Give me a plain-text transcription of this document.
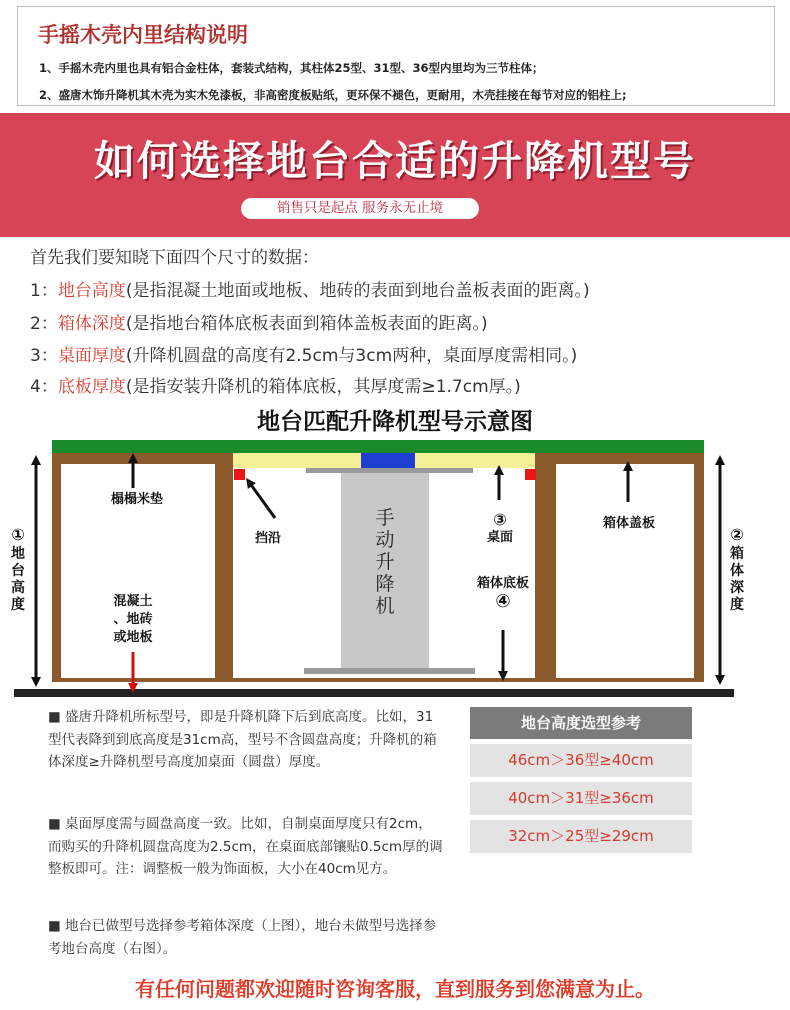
手摇木壳内里结构说明
1、手摇木壳内里也具有铝合金柱体，套装式结构，其柱体25型、31型、36型内里均为三节柱体；
2、盛唐木饰升降机其木壳为实木免漆板，非高密度板贴纸，更环保不褪色，更耐用，木壳挂接在每节对应的铝柱上;
如何选择地台合适的升降机型号
销售只是起点 服务永无止境
首先我们要知晓下面四个尺寸的数据：
1：地台高度(是指混凝土地面或地板、地砖的表面到地台盖板表面的距离。)
2：箱体深度(是指地台箱体底板表面到箱体盖板表面的距离。)
3：桌面厚度(升降机圆盘的高度有2.5cm与3cm两种，桌面厚度需相同。)
4：底板厚度(是指安装升降机的箱体底板，其厚度需≥1.7cm厚。)
地台匹配升降机型号示意图
榻榻米垫
混凝土
、地砖
或地板
挡沿
③
桌面
箱体盖板
箱体底板
④
手动升降机
①
地台高度
②
箱体深度
■ 盛唐升降机所标型号，即是升降机降下后到底高度。比如，31型代表降到到底高度是31cm高，型号不含圆盘高度；升降机的箱体深度≥升降机型号高度加桌面（圆盘）厚度。
■ 桌面厚度需与圆盘高度一致。比如，自制桌面厚度只有2cm，而购买的升降机圆盘高度为2.5cm，在桌面底部镶贴0.5cm厚的调整板即可。注：调整板一般为饰面板，大小在40cm见方。
■ 地台已做型号选择参考箱体深度（上图），地台未做型号选择参考地台高度（右图）。
地台高度选型参考
46cm＞36型≥40cm
40cm＞31型≥36cm
32cm＞25型≥29cm
有任何问题都欢迎随时咨询客服，直到服务到您满意为止。
